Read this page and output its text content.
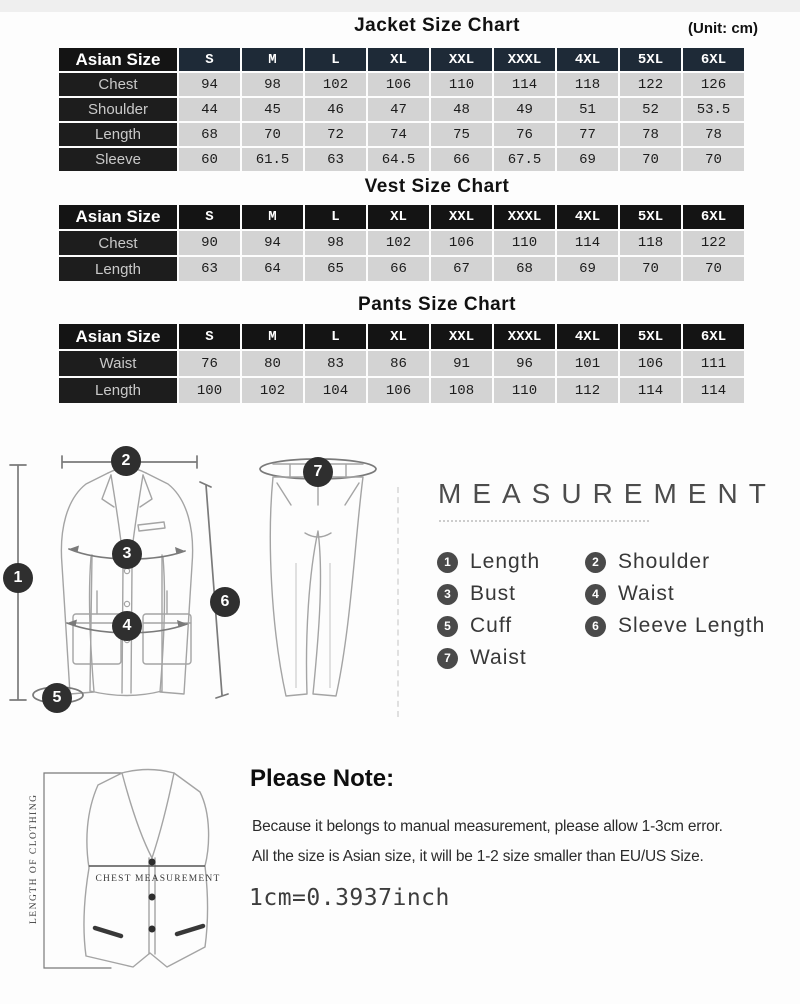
Jacket Size Chart	(Unit: cm)
Vest Size Chart
Pants Size Chart
Asian Size	S	M	L	XL	XXL	XXXL	4XL	5XL	6XL
Chest	94	98	102	106	110	114	118	122	126
Shoulder	44	45	46	47	48	49	51	52	53.5
Length	68	70	72	74	75	76	77	78	78
Sleeve	60	61.5	63	64.5	66	67.5	69	70	70
Asian Size	S	M	L	XL	XXL	XXXL	4XL	5XL	6XL
Chest	90	94	98	102	106	110	114	118	122
Length	63	64	65	66	67	68	69	70	70
Asian Size	S	M	L	XL	XXL	XXXL	4XL	5XL	6XL
Waist	76	80	83	86	91	96	101	106	111
Length	100	102	104	106	108	110	112	114	114
1
2
3
4
5
6
7
MEASUREMENT
1 Length	2 Shoulder
3 Bust	4 Waist
5 Cuff	6 Sleeve Length
7 Waist
LENGTH OF CLOTHING	CHEST MEASUREMENT
Please Note:
Because it belongs to manual measurement, please allow 1-3cm error.
All the size is Asian size, it will be 1-2 size smaller than EU/US Size.
1cm=0.3937inch
